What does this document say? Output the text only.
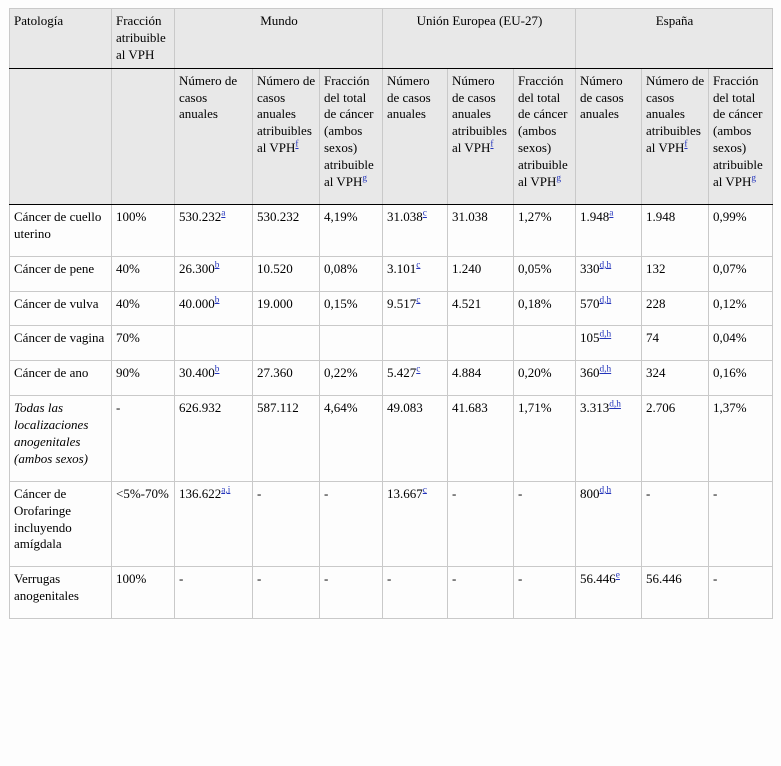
Patología	Fracción atribuible al VPH	Mundo			Unión Europea (EU-27)			España		
		Número de casos anuales	Número de casos anuales atribuibles al VPH$^f$	Fracción del total de cáncer (ambos sexos) atribuible al VPH$^g$	Número de casos anuales	Número de casos anuales atribuibles al VPH$^f$	Fracción del total de cáncer (ambos sexos) atribuible al VPH$^g$	Número de casos anuales	Número de casos anuales atribuibles al VPH$^f$	Fracción del total de cáncer (ambos sexos) atribuible al VPH$^g$
Cáncer de cuello uterino	100%	530.232$^a$	530.232	4,19%	31.038$^c$	31.038	1,27%	1.948$^a$	1.948	0,99%
Cáncer de pene	40%	26.300$^b$	10.520	0,08%	3.101$^c$	1.240	0,05%	330$^{d,h}$	132	0,07%
Cáncer de vulva	40%	40.000$^b$	19.000	0,15%	9.517$^c$	4.521	0,18%	570$^{d,h}$	228	0,12%
Cáncer de vagina	70%							105$^{d,h}$	74	0,04%
Cáncer de ano	90%	30.400$^b$	27.360	0,22%	5.427$^c$	4.884	0,20%	360$^{d,h}$	324	0,16%
Todas las localizaciones anogenitales (ambos sexos)	-	626.932	587.112	4,64%	49.083	41.683	1,71%	3.313$^{d,h}$	2.706	1,37%
Cáncer de Orofaringe incluyendo amígdala	<5%-70%	136.622$^{a,i}$	-	-	13.667$^c$	-	-	800$^{d,h}$	-	-
Verrugas anogenitales	100%	-	-	-	-	-	-	56.446e	56.446	-
